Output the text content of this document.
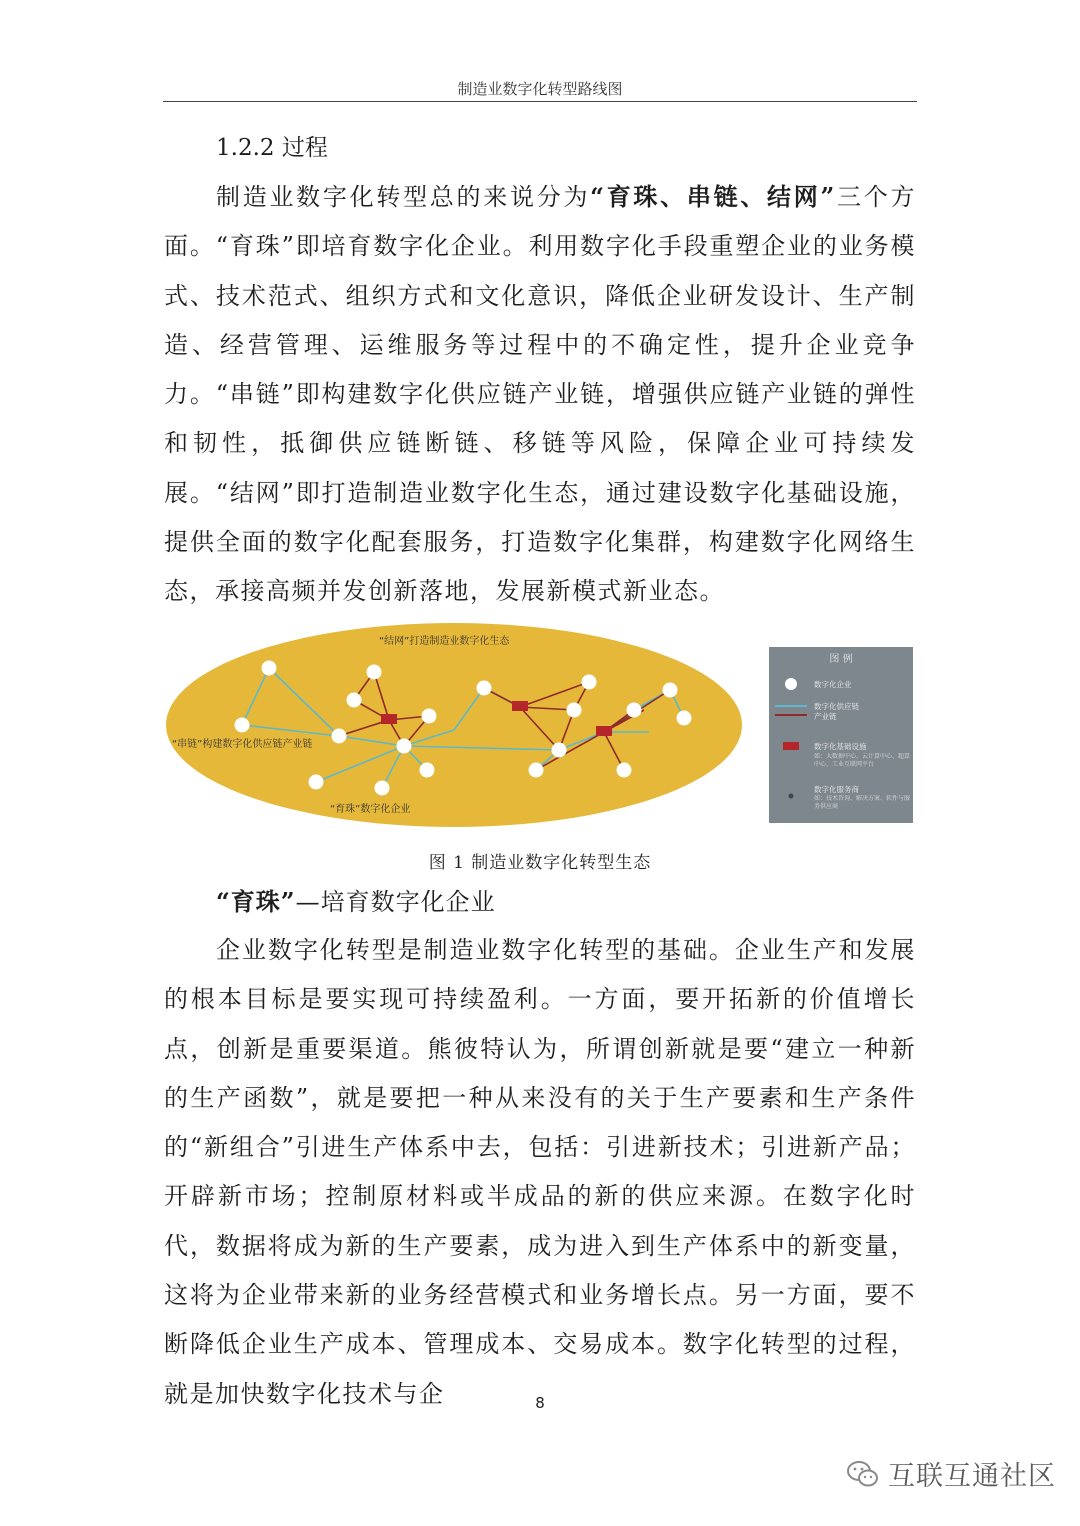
制造业数字化转型路线图
1.2.2 过程

制造业数字化转型总的来说分为“育珠、串链、结网”三个方面。“育珠”即培育数字化企业。利用数字化手段重塑企业的业务模式、技术范式、组织方式和文化意识，降低企业研发设计、生产制造、经营管理、运维服务等过程中的不确定性，提升企业竞争力。“串链”即构建数字化供应链产业链，增强供应链产业链的弹性和韧性，抵御供应链断链、移链等风险，保障企业可持续发展。“结网”即打造制造业数字化生态，通过建设数字化基础设施，提供全面的数字化配套服务，打造数字化集群，构建数字化网络生态，承接高频并发创新落地，发展新模式新业态。

“结网”打造制造业数字化生态
“串链”构建数字化供应链产业链
“育珠”数字化企业
图 例
数字化企业
数字化供应链
产业链
数字化基础设施
如：大数据中心、云计算中心、超算中心、工业互联网平台
数字化服务商
如：技术咨询、解决方案、软件与服务供应商
图 1 制造业数字化转型生态
“育珠”—培育数字化企业

企业数字化转型是制造业数字化转型的基础。企业生产和发展的根本目标是要实现可持续盈利。一方面，要开拓新的价值增长点，创新是重要渠道。熊彼特认为，所谓创新就是要“建立一种新的生产函数”，就是要把一种从来没有的关于生产要素和生产条件的“新组合”引进生产体系中去，包括：引进新技术；引进新产品；开辟新市场；控制原材料或半成品的新的供应来源。在数字化时代，数据将成为新的生产要素，成为进入到生产体系中的新变量，这将为企业带来新的业务经营模式和业务增长点。另一方面，要不断降低企业生产成本、管理成本、交易成本。数字化转型的过程，就是加快数字化技术与企	8
互联互通社区
